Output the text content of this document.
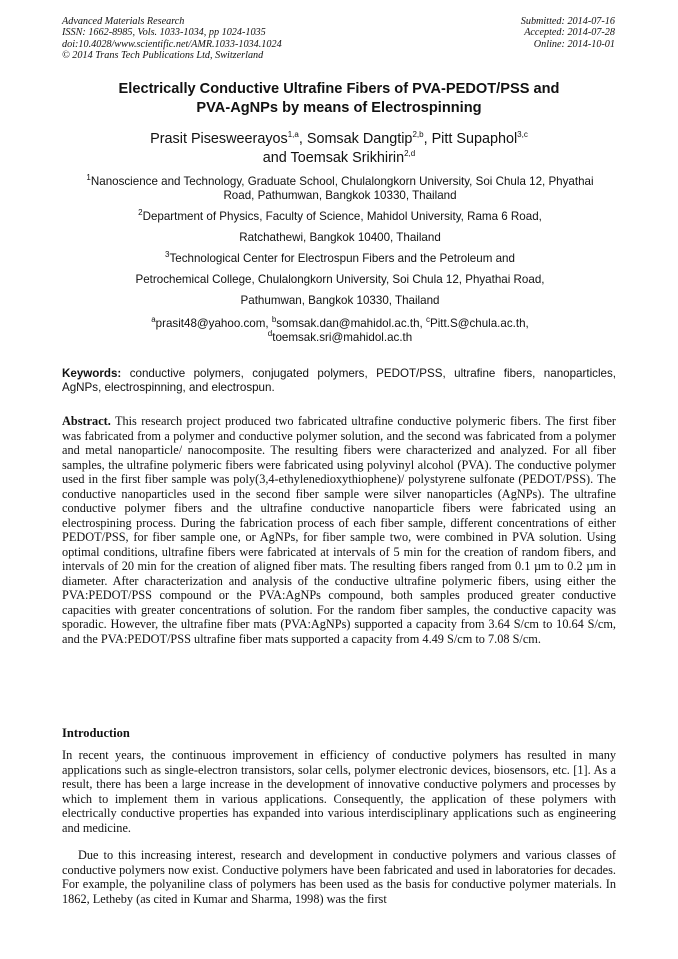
Advanced Materials Research
ISSN: 1662-8985, Vols. 1033-1034, pp 1024-1035
doi:10.4028/www.scientific.net/AMR.1033-1034.1024
© 2014 Trans Tech Publications Ltd, Switzerland
Submitted: 2014-07-16
Accepted: 2014-07-28
Online: 2014-10-01
Electrically Conductive Ultrafine Fibers of PVA-PEDOT/PSS and
PVA-AgNPs by means of Electrospinning
Prasit Pisesweerayos$^{1,a}$, Somsak Dangtip$^{2,b}$, Pitt Supaphol$^{3,c}$
and Toemsak Srikhirin$^{2,d}$
$^1$Nanoscience and Technology, Graduate School, Chulalongkorn University, Soi Chula 12, Phyathai
Road, Pathumwan, Bangkok 10330, Thailand
$^2$Department of Physics, Faculty of Science, Mahidol University, Rama 6 Road,
Ratchathewi, Bangkok 10400, Thailand
$^3$Technological Center for Electrospun Fibers and the Petroleum and
Petrochemical College, Chulalongkorn University, Soi Chula 12, Phyathai Road,
Pathumwan, Bangkok 10330, Thailand
$^a$prasit48@yahoo.com, $^b$somsak.dan@mahidol.ac.th, $^c$Pitt.S@chula.ac.th,
$^d$toemsak.sri@mahidol.ac.th
Keywords: conductive polymers, conjugated polymers, PEDOT/PSS, ultrafine fibers, nanoparticles, AgNPs, electrospinning, and electrospun.
Abstract. This research project produced two fabricated ultrafine conductive polymeric fibers. The first fiber was fabricated from a polymer and conductive polymer solution, and the second was fabricated from a polymer and metal nanoparticle/ nanocomposite. The resulting fibers were characterized and analyzed. For all fiber samples, the ultrafine polymeric fibers were fabricated using polyvinyl alcohol (PVA). The conductive polymer used in the first fiber sample was poly(3,4-ethylenedioxythiophene)/ polystyrene sulfonate (PEDOT/PSS). The conductive nanoparticles used in the second fiber sample were silver nanoparticles (AgNPs). The ultrafine conductive polymer fibers and the ultrafine conductive nanoparticle fibers were fabricated using an electrospining process. During the fabrication process of each fiber sample, different concentrations of either PEDOT/PSS, for fiber sample one, or AgNPs, for fiber sample two, were combined in PVA solution. Using optimal conditions, ultrafine fibers were fabricated at intervals of 5 min for the creation of random fibers, and intervals of 20 min for the creation of aligned fiber mats. The resulting fibers ranged from 0.1 µm to 0.2 µm in diameter. After characterization and analysis of the conductive ultrafine polymeric fibers, using either the PVA:PEDOT/PSS compound or the PVA:AgNPs compound, both samples produced greater conductive capacities with greater concentrations of solution. For the random fiber samples, the conductive capacity was sporadic. However, the ultrafine fiber mats (PVA:AgNPs) supported a capacity from 3.64 S/cm to 10.64 S/cm, and the PVA:PEDOT/PSS ultrafine fiber mats supported a capacity from 4.49 S/cm to 7.08 S/cm.
Introduction
In recent years, the continuous improvement in efficiency of conductive polymers has resulted in many applications such as single-electron transistors, solar cells, polymer electronic devices, biosensors, etc. [1]. As a result, there has been a large increase in the development of innovative conductive polymers and processes by which to implement them in various applications. Consequently, the application of these polymers with electrically conductive properties has expanded into various interdisciplinary applications such as engineering and medicine.
Due to this increasing interest, research and development in conductive polymers and various classes of conductive polymers now exist. Conductive polymers have been fabricated and used in laboratories for decades. For example, the polyaniline class of polymers has been used as the basis for conductive polymer materials. In 1862, Letheby (as cited in Kumar and Sharma, 1998) was the first
